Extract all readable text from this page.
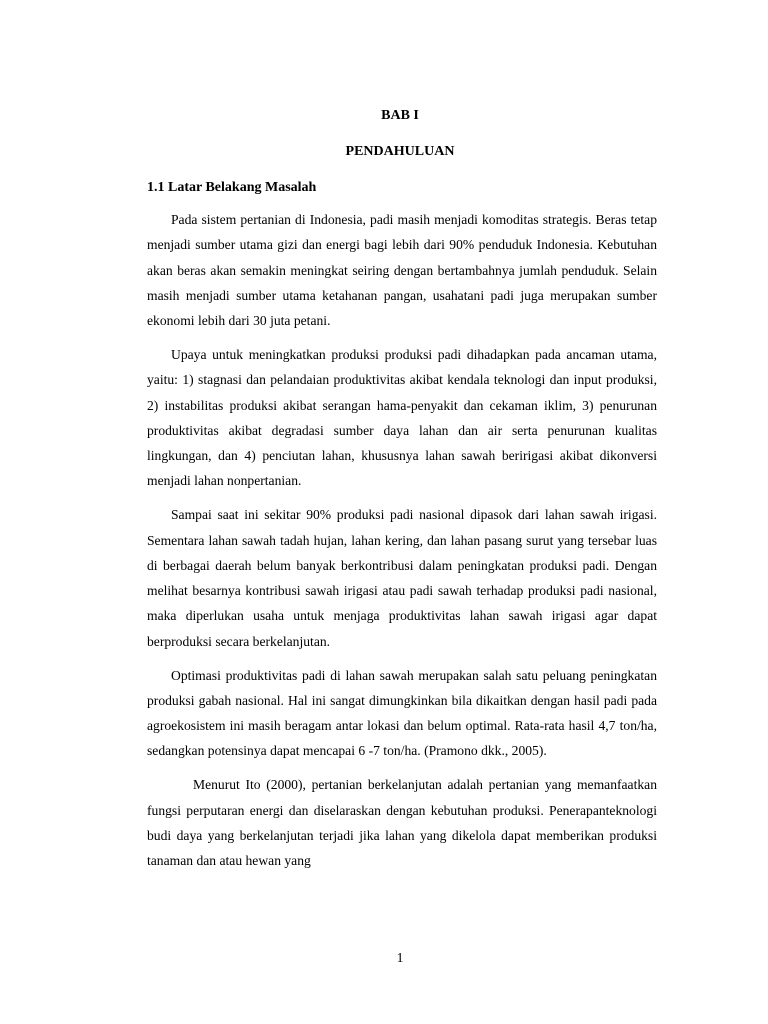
BAB I
PENDAHULUAN
1.1 Latar Belakang Masalah

Pada sistem pertanian di Indonesia, padi masih menjadi komoditas strategis. Beras tetap menjadi sumber utama gizi dan energi bagi lebih dari 90% penduduk Indonesia. Kebutuhan akan beras akan semakin meningkat seiring dengan bertambahnya jumlah penduduk. Selain masih menjadi sumber utama ketahanan pangan, usahatani padi juga merupakan sumber ekonomi lebih dari 30 juta petani.

Upaya untuk meningkatkan produksi produksi padi dihadapkan pada ancaman utama, yaitu: 1) stagnasi dan pelandaian produktivitas akibat kendala teknologi dan input produksi, 2) instabilitas produksi akibat serangan hama-penyakit dan cekaman iklim, 3) penurunan produktivitas akibat degradasi sumber daya lahan dan air serta penurunan kualitas lingkungan, dan 4) penciutan lahan, khususnya lahan sawah beririgasi akibat dikonversi menjadi lahan nonpertanian.

Sampai saat ini sekitar 90% produksi padi nasional dipasok dari lahan sawah irigasi. Sementara lahan sawah tadah hujan, lahan kering, dan lahan pasang surut yang tersebar luas di berbagai daerah belum banyak berkontribusi dalam peningkatan produksi padi. Dengan melihat besarnya kontribusi sawah irigasi atau padi sawah terhadap produksi padi nasional, maka diperlukan usaha untuk menjaga produktivitas lahan sawah irigasi agar dapat berproduksi secara berkelanjutan.

Optimasi produktivitas padi di lahan sawah merupakan salah satu peluang peningkatan produksi gabah nasional. Hal ini sangat dimungkinkan bila dikaitkan dengan hasil padi pada agroekosistem ini masih beragam antar lokasi dan belum optimal. Rata-rata hasil 4,7 ton/ha, sedangkan potensinya dapat mencapai 6 -7 ton/ha. (Pramono dkk., 2005).

Menurut Ito (2000), pertanian berkelanjutan adalah pertanian yang memanfaatkan fungsi perputaran energi dan diselaraskan dengan kebutuhan produksi. Penerapanteknologi budi daya yang berkelanjutan terjadi jika lahan yang dikelola dapat memberikan produksi tanaman dan atau hewan yang

1
